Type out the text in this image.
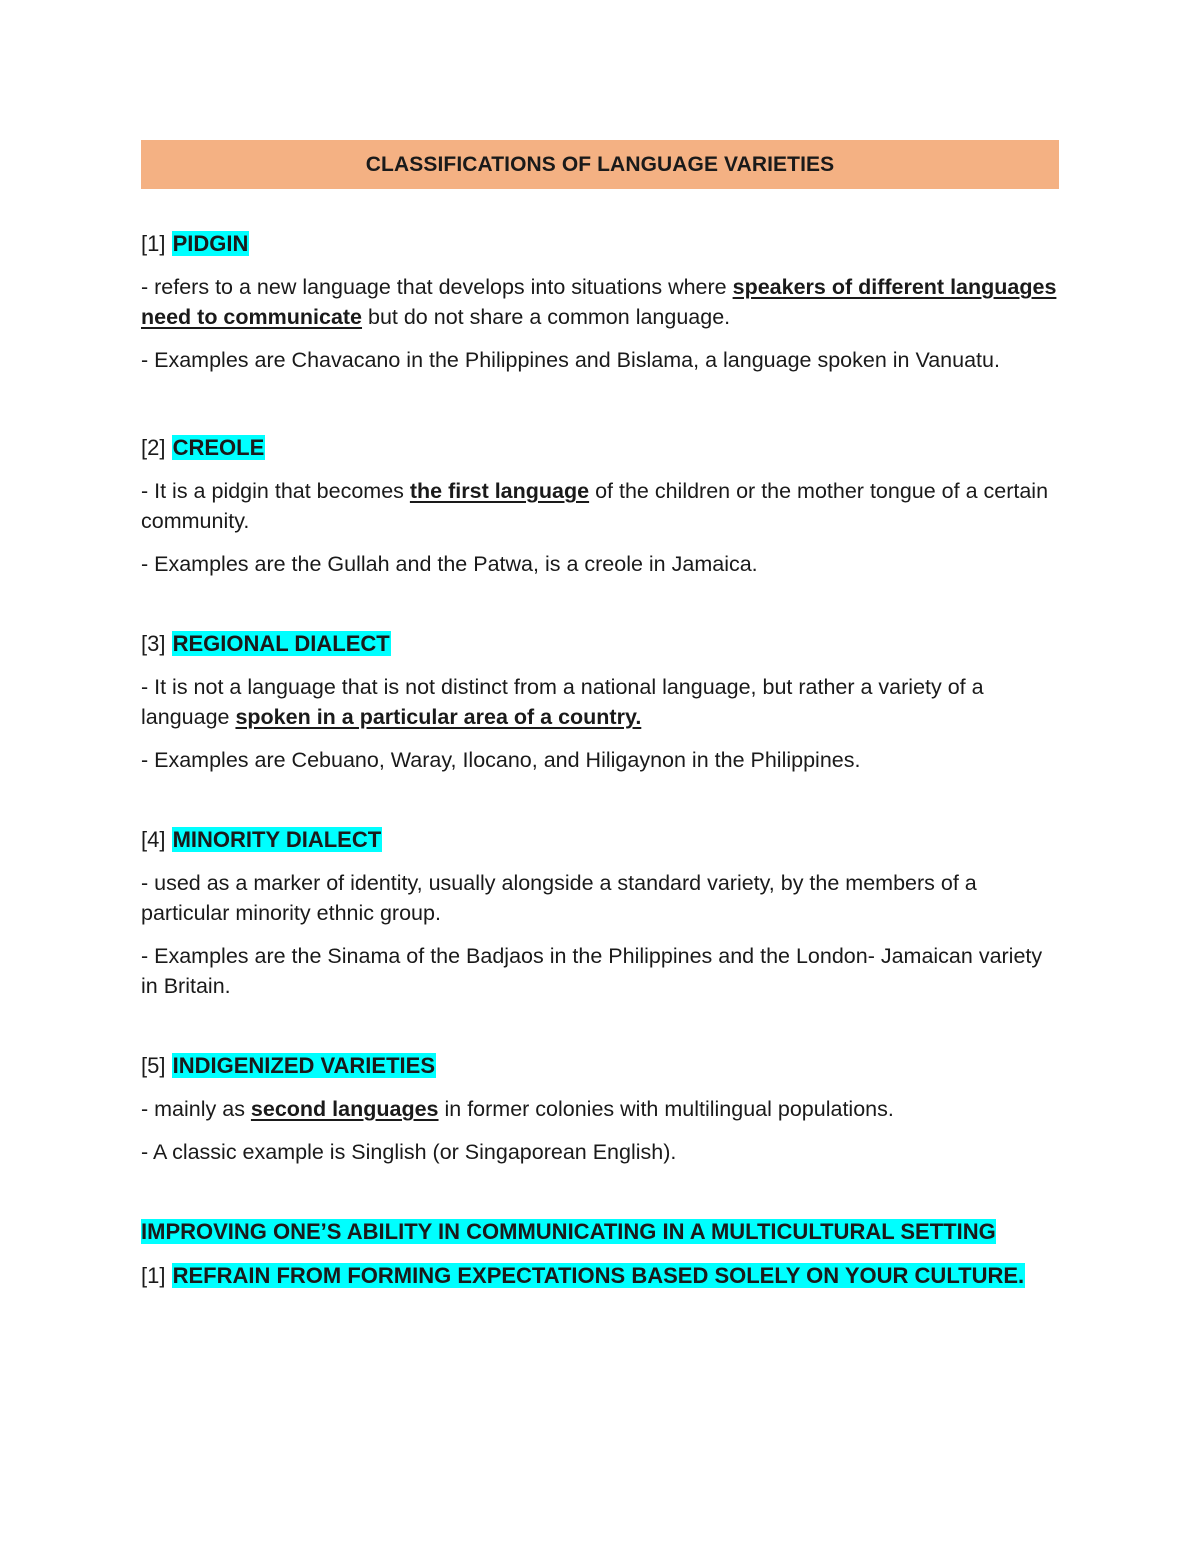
CLASSIFICATIONS OF LANGUAGE VARIETIES
[1] PIDGIN
- refers to a new language that develops into situations where speakers of different languages need to communicate but do not share a common language.
- Examples are Chavacano in the Philippines and Bislama, a language spoken in Vanuatu.
[2] CREOLE
- It is a pidgin that becomes the first language of the children or the mother tongue of a certain community.
- Examples are the Gullah and the Patwa, is a creole in Jamaica.
[3] REGIONAL DIALECT
- It is not a language that is not distinct from a national language, but rather a variety of a language spoken in a particular area of a country.
- Examples are Cebuano, Waray, Ilocano, and Hiligaynon in the Philippines.
[4] MINORITY DIALECT
- used as a marker of identity, usually alongside a standard variety, by the members of a particular minority ethnic group.
- Examples are the Sinama of the Badjaos in the Philippines and the London- Jamaican variety in Britain.
[5] INDIGENIZED VARIETIES
- mainly as second languages in former colonies with multilingual populations.
- A classic example is Singlish (or Singaporean English).
IMPROVING ONE’S ABILITY IN COMMUNICATING IN A MULTICULTURAL SETTING
[1] REFRAIN FROM FORMING EXPECTATIONS BASED SOLELY ON YOUR CULTURE.
